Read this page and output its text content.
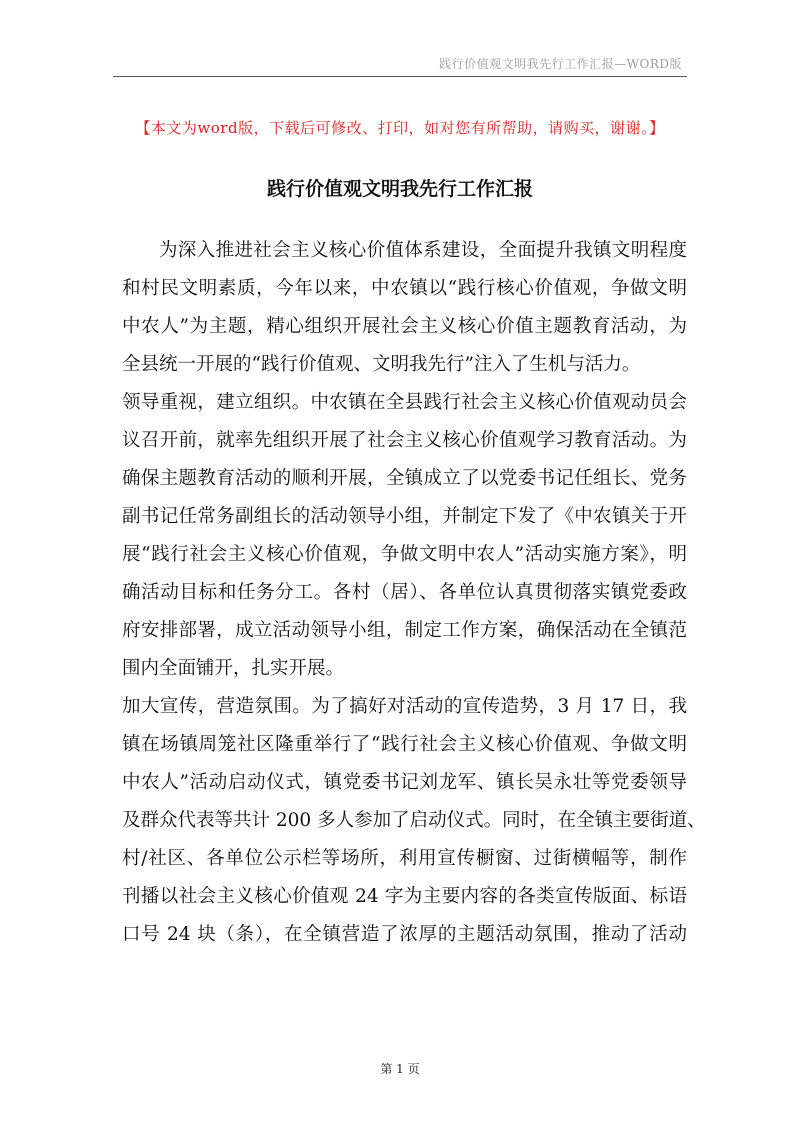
践行价值观文明我先行工作汇报—WORD版
【本文为word版，下载后可修改、打印，如对您有所帮助，请购买，谢谢。】
践行价值观文明我先行工作汇报
为深入推进社会主义核心价值体系建设，全面提升我镇文明程度
和村民文明素质，今年以来，中农镇以“践行核心价值观，争做文明
中农人”为主题，精心组织开展社会主义核心价值主题教育活动，为
全县统一开展的“践行价值观、文明我先行”注入了生机与活力。
领导重视，建立组织。中农镇在全县践行社会主义核心价值观动员会
议召开前，就率先组织开展了社会主义核心价值观学习教育活动。为
确保主题教育活动的顺利开展，全镇成立了以党委书记任组长、党务
副书记任常务副组长的活动领导小组，并制定下发了《中农镇关于开
展“践行社会主义核心价值观，争做文明中农人”活动实施方案》，明
确活动目标和任务分工。各村（居）、各单位认真贯彻落实镇党委政
府安排部署，成立活动领导小组，制定工作方案，确保活动在全镇范
围内全面铺开，扎实开展。
加大宣传，营造氛围。为了搞好对活动的宣传造势，3 月 17 日，我
镇在场镇周笼社区隆重举行了“践行社会主义核心价值观、争做文明
中农人”活动启动仪式，镇党委书记刘龙军、镇长吴永壮等党委领导
及群众代表等共计 200 多人参加了启动仪式。同时，在全镇主要街道、
村/社区、各单位公示栏等场所，利用宣传橱窗、过街横幅等，制作
刊播以社会主义核心价值观 24 字为主要内容的各类宣传版面、标语
口号 24 块（条），在全镇营造了浓厚的主题活动氛围，推动了活动
第 1 页
